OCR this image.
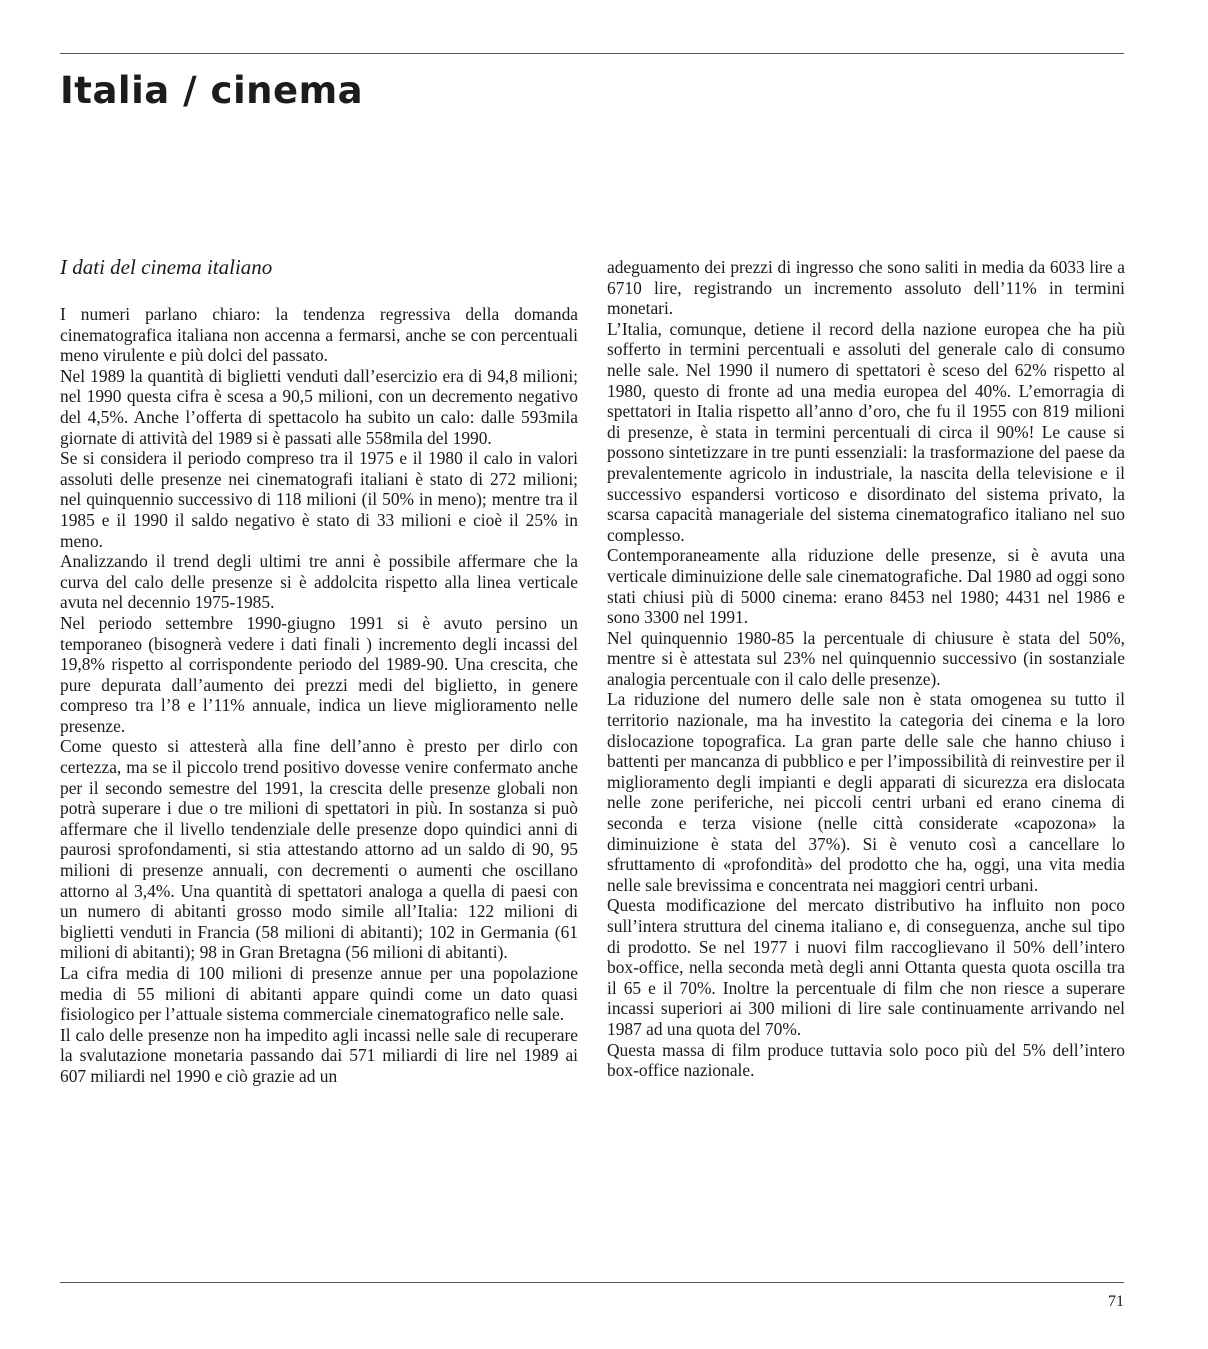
Italia / cinema
I dati del cinema italiano

I numeri parlano chiaro: la tendenza regressiva della domanda cinematografica italiana non accenna a fermarsi, anche se con percentuali meno virulente e più dolci del passato.

Nel 1989 la quantità di biglietti venduti dall’esercizio era di 94,8 milioni; nel 1990 questa cifra è scesa a 90,5 milioni, con un decremento negativo del 4,5%. Anche l’offerta di spettacolo ha subito un calo: dalle 593mila giornate di attività del 1989 si è passati alle 558mila del 1990.

Se si considera il periodo compreso tra il 1975 e il 1980 il calo in valori assoluti delle presenze nei cinematografi italiani è stato di 272 milioni; nel quinquennio successivo di 118 milioni (il 50% in meno); mentre tra il 1985 e il 1990 il saldo negativo è stato di 33 milioni e cioè il 25% in meno.

Analizzando il trend degli ultimi tre anni è possibile affermare che la curva del calo delle presenze si è addolcita rispetto alla linea verticale avuta nel decennio 1975-1985.

Nel periodo settembre 1990-giugno 1991 si è avuto persino un temporaneo (bisognerà vedere i dati finali ) incremento degli incassi del 19,8% rispetto al corrispondente periodo del 1989-90. Una crescita, che pure depurata dall’aumento dei prezzi medi del biglietto, in genere compreso tra l’8 e l’11% annuale, indica un lieve miglioramento nelle presenze.

Come questo si attesterà alla fine dell’anno è presto per dirlo con certezza, ma se il piccolo trend positivo dovesse venire confermato anche per il secondo semestre del 1991, la crescita delle presenze globali non potrà superare i due o tre milioni di spettatori in più. In sostanza si può affermare che il livello tendenziale delle presenze dopo quindici anni di paurosi sprofondamenti, si stia attestando attorno ad un saldo di 90, 95 milioni di presenze annuali, con decrementi o aumenti che oscillano attorno al 3,4%. Una quantità di spettatori analoga a quella di paesi con un numero di abitanti grosso modo simile all’Italia: 122 milioni di biglietti venduti in Francia (58 milioni di abitanti); 102 in Germania (61 milioni di abitanti); 98 in Gran Bretagna (56 milioni di abitanti).

La cifra media di 100 milioni di presenze annue per una popolazione media di 55 milioni di abitanti appare quindi come un dato quasi fisiologico per l’attuale sistema commerciale cinematografico nelle sale.

Il calo delle presenze non ha impedito agli incassi nelle sale di recuperare la svalutazione monetaria passando dai 571 miliardi di lire nel 1989 ai 607 miliardi nel 1990 e ciò grazie ad un

adeguamento dei prezzi di ingresso che sono saliti in media da 6033 lire a 6710 lire, registrando un incremento assoluto dell’11% in termini monetari.

L’Italia, comunque, detiene il record della nazione europea che ha più sofferto in termini percentuali e assoluti del generale calo di consumo nelle sale. Nel 1990 il numero di spettatori è sceso del 62% rispetto al 1980, questo di fronte ad una media europea del 40%. L’emorragia di spettatori in Italia rispetto all’anno d’oro, che fu il 1955 con 819 milioni di presenze, è stata in termini percentuali di circa il 90%! Le cause si possono sintetizzare in tre punti essenziali: la trasformazione del paese da prevalentemente agricolo in industriale, la nascita della televisione e il successivo espandersi vorticoso e disordinato del sistema privato, la scarsa capacità manageriale del sistema cinematografico italiano nel suo complesso.

Contemporaneamente alla riduzione delle presenze, si è avuta una verticale diminuizione delle sale cinematografiche. Dal 1980 ad oggi sono stati chiusi più di 5000 cinema: erano 8453 nel 1980; 4431 nel 1986 e sono 3300 nel 1991.

Nel quinquennio 1980-85 la percentuale di chiusure è stata del 50%, mentre si è attestata sul 23% nel quinquennio successivo (in sostanziale analogia percentuale con il calo delle presenze).

La riduzione del numero delle sale non è stata omogenea su tutto il territorio nazionale, ma ha investito la categoria dei cinema e la loro dislocazione topografica. La gran parte delle sale che hanno chiuso i battenti per mancanza di pubblico e per l’impossibilità di reinvestire per il miglioramento degli impianti e degli apparati di sicurezza era dislocata nelle zone periferiche, nei piccoli centri urbani ed erano cinema di seconda e terza visione (nelle città considerate «capozona» la diminuizione è stata del 37%). Si è venuto così a cancellare lo sfruttamento di «profondità» del prodotto che ha, oggi, una vita media nelle sale brevissima e concentrata nei maggiori centri urbani.

Questa modificazione del mercato distributivo ha influito non poco sull’intera struttura del cinema italiano e, di conseguenza, anche sul tipo di prodotto. Se nel 1977 i nuovi film raccoglievano il 50% dell’intero box-office, nella seconda metà degli anni Ottanta questa quota oscilla tra il 65 e il 70%. Inoltre la percentuale di film che non riesce a superare incassi superiori ai 300 milioni di lire sale continuamente arrivando nel 1987 ad una quota del 70%.

Questa massa di film produce tuttavia solo poco più del 5% dell’intero box-office nazionale.

71
